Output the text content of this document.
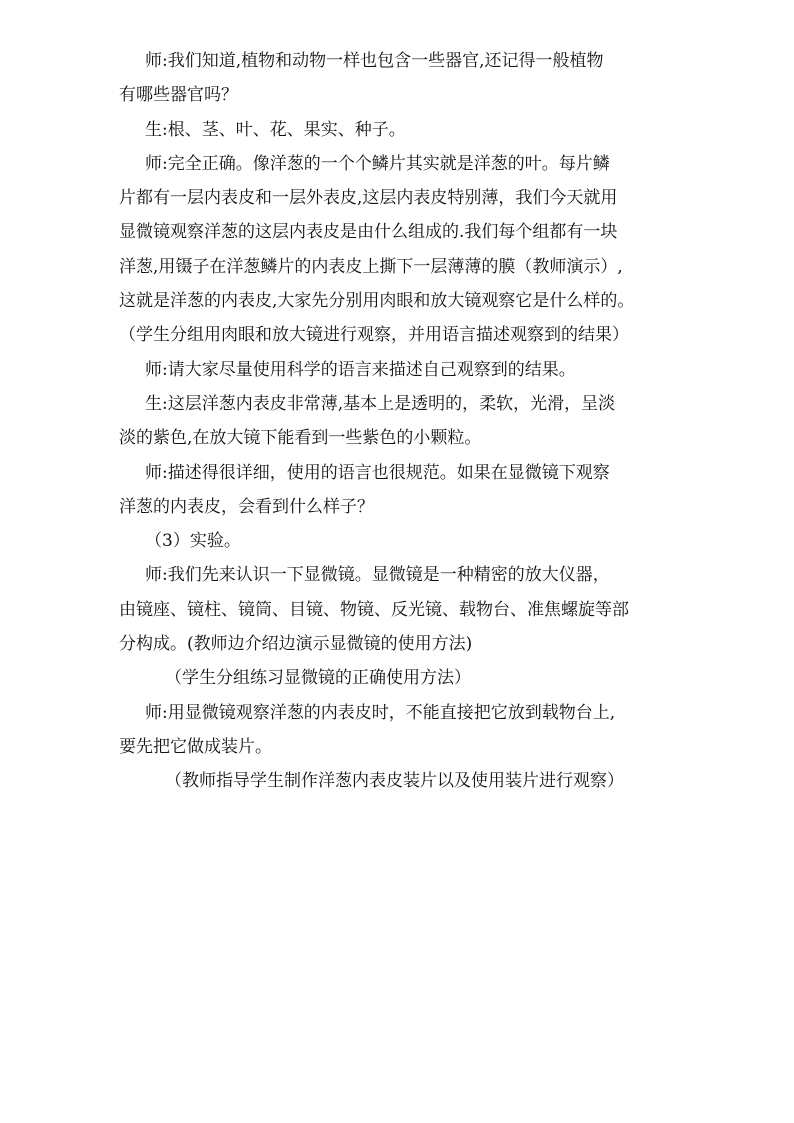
师:我们知道,植物和动物一样也包含一些器官,还记得一般植物

有哪些器官吗？

生:根、茎、叶、花、果实、种子。

师:完全正确。像洋葱的一个个鳞片其实就是洋葱的叶。每片鳞

片都有一层内表皮和一层外表皮,这层内表皮特别薄，我们今天就用

显微镜观察洋葱的这层内表皮是由什么组成的.我们每个组都有一块

洋葱,用镊子在洋葱鳞片的内表皮上撕下一层薄薄的膜（教师演示）,

这就是洋葱的内表皮,大家先分别用肉眼和放大镜观察它是什么样的。

（学生分组用肉眼和放大镜进行观察，并用语言描述观察到的结果）

师:请大家尽量使用科学的语言来描述自己观察到的结果。

生:这层洋葱内表皮非常薄,基本上是透明的，柔软，光滑，呈淡

淡的紫色,在放大镜下能看到一些紫色的小颗粒。

师:描述得很详细，使用的语言也很规范。如果在显微镜下观察

洋葱的内表皮，会看到什么样子？

（3）实验。

师:我们先来认识一下显微镜。显微镜是一种精密的放大仪器，

由镜座、镜柱、镜筒、目镜、物镜、反光镜、载物台、准焦螺旋等部

分构成。(教师边介绍边演示显微镜的使用方法)

（学生分组练习显微镜的正确使用方法）

师:用显微镜观察洋葱的内表皮时，不能直接把它放到载物台上,

要先把它做成装片。

（教师指导学生制作洋葱内表皮装片以及使用装片进行观察）
